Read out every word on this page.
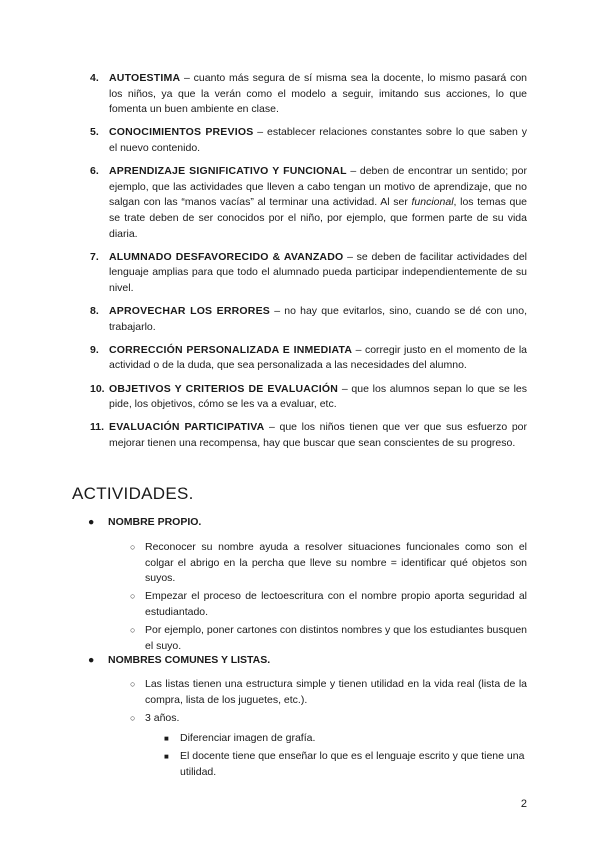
4. AUTOESTIMA – cuanto más segura de sí misma sea la docente, lo mismo pasará con los niños, ya que la verán como el modelo a seguir, imitando sus acciones, lo que fomenta un buen ambiente en clase.
5. CONOCIMIENTOS PREVIOS – establecer relaciones constantes sobre lo que saben y el nuevo contenido.
6. APRENDIZAJE SIGNIFICATIVO Y FUNCIONAL – deben de encontrar un sentido; por ejemplo, que las actividades que lleven a cabo tengan un motivo de aprendizaje, que no salgan con las “manos vacías” al terminar una actividad. Al ser funcional, los temas que se trate deben de ser conocidos por el niño, por ejemplo, que formen parte de su vida diaria.
7. ALUMNADO DESFAVORECIDO & AVANZADO – se deben de facilitar actividades del lenguaje amplias para que todo el alumnado pueda participar independientemente de su nivel.
8. APROVECHAR LOS ERRORES – no hay que evitarlos, sino, cuando se dé con uno, trabajarlo.
9. CORRECCIÓN PERSONALIZADA E INMEDIATA – corregir justo en el momento de la actividad o de la duda, que sea personalizada a las necesidades del alumno.
10. OBJETIVOS Y CRITERIOS DE EVALUACIÓN – que los alumnos sepan lo que se les pide, los objetivos, cómo se les va a evaluar, etc.
11. EVALUACIÓN PARTICIPATIVA – que los niños tienen que ver que sus esfuerzo por mejorar tienen una recompensa, hay que buscar que sean conscientes de su progreso.
ACTIVIDADES.
●	NOMBRE PROPIO.
○ Reconocer su nombre ayuda a resolver situaciones funcionales como son el colgar el abrigo en la percha que lleve su nombre = identificar qué objetos son suyos.
○ Empezar el proceso de lectoescritura con el nombre propio aporta seguridad al estudiantado.
○ Por ejemplo, poner cartones con distintos nombres y que los estudiantes busquen el suyo.
●	NOMBRES COMUNES Y LISTAS.
○ Las listas tienen una estructura simple y tienen utilidad en la vida real (lista de la compra, lista de los juguetes, etc.).
○ 3 años.
■	Diferenciar imagen de grafía.
■	El docente tiene que enseñar lo que es el lenguaje escrito y que tiene una utilidad.
2
